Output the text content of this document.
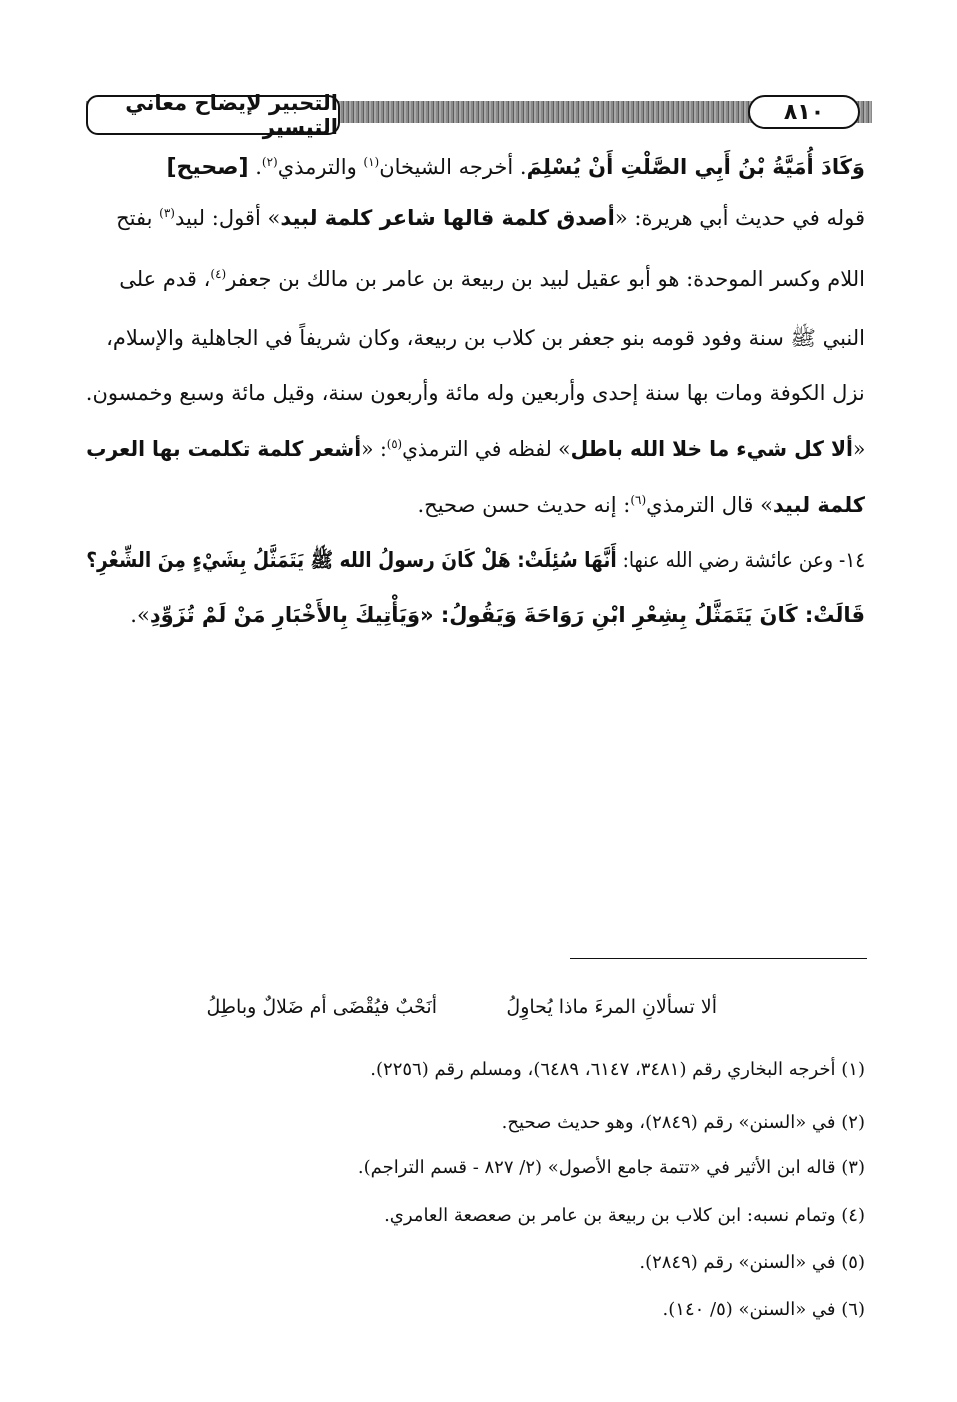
التحبير لإيضاح معاني التيسير
٨١٠
وَكَادَ أُمَيَّةُ بْنُ أَبِي الصَّلْتِ أَنْ يُسْلِمَ. أخرجه الشيخان$^{(١)}$ والترمذي$^{(٢)}$. [صحيح]
قوله في حديث أبي هريرة: «أصدق كلمة قالها شاعر كلمة لبيد» أقول: لبيد$^{(٣)}$ بفتح
اللام وكسر الموحدة: هو أبو عقيل لبيد بن ربيعة بن عامر بن مالك بن جعفر$^{(٤)}$، قدم على
النبي ﷺ سنة وفود قومه بنو جعفر بن كلاب بن ربيعة، وكان شريفاً في الجاهلية والإسلام،
نزل الكوفة ومات بها سنة إحدى وأربعين وله مائة وأربعون سنة، وقيل مائة وسبع وخمسون.
«ألا كل شيء ما خلا الله باطل» لفظه في الترمذي$^{(٥)}$: «أشعر كلمة تكلمت بها العرب
كلمة لبيد» قال الترمذي$^{(٦)}$: إنه حديث حسن صحيح.
١٤- وعن عائشة رضي الله عنها: أَنَّهَا سُئِلَتْ: هَلْ كَانَ رسولُ الله ﷺ يَتَمَثَّلُ بِشَيْءٍ مِنَ الشِّعْرِ؟
قَالَتْ: كَانَ يَتَمَثَّلُ بِشِعْرِ ابْنِ رَوَاحَةَ وَيَقُولُ: «وَيَأْتِيكَ بِالأَخْبَارِ مَنْ لَمْ تُزَوِّدِ».
ألا تسألانِ المرءَ ماذا يُحاوِلُ
أنَحْبٌ فيُقْضَى أم ضَلالٌ وباطِلُ
(١) أخرجه البخاري رقم (٣٤٨١، ٦١٤٧، ٦٤٨٩)، ومسلم رقم (٢٢٥٦).
(٢) في «السنن» رقم (٢٨٤٩)، وهو حديث صحيح.
(٣) قاله ابن الأثير في «تتمة جامع الأصول» (٢/ ٨٢٧ - قسم التراجم).
(٤) وتمام نسبه: ابن كلاب بن ربيعة بن عامر بن صعصعة العامري.
(٥) في «السنن» رقم (٢٨٤٩).
(٦) في «السنن» (٥/ ١٤٠).
